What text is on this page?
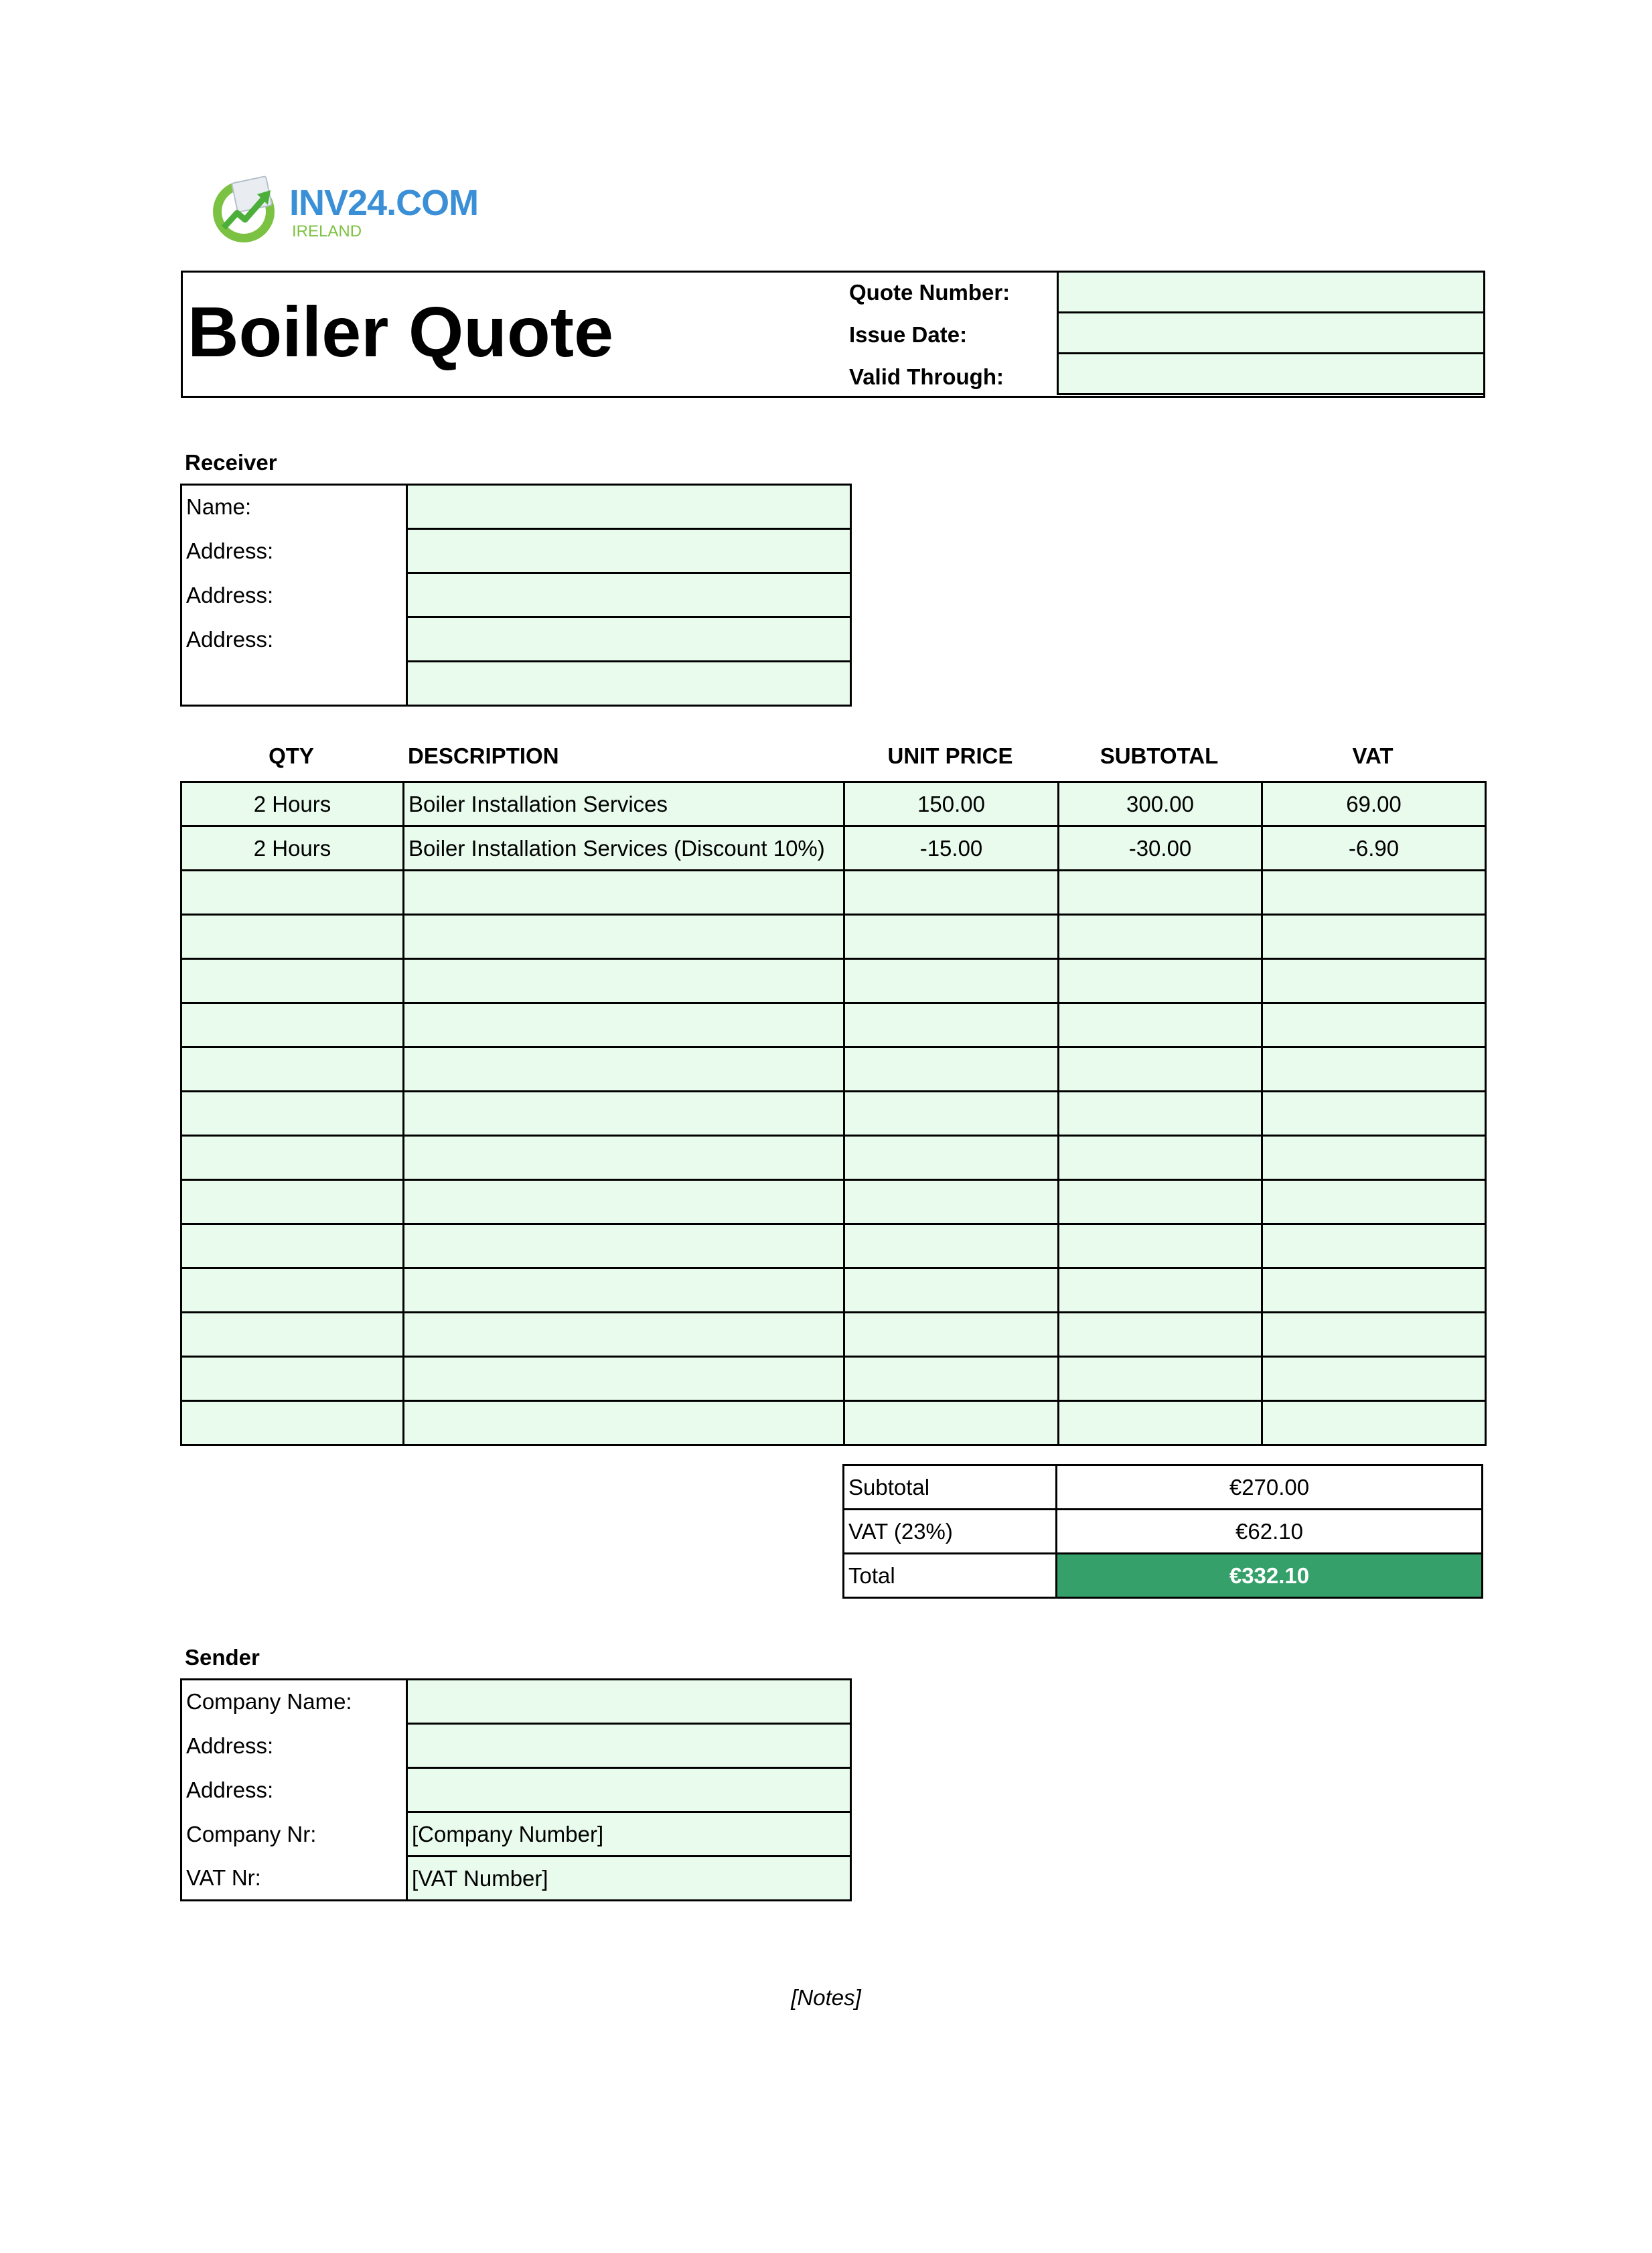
INV24.COM
IRELAND
Boiler Quote
Quote Number:
Issue Date:
Valid Through:

Receiver
Name:	
Address:	
Address:	
Address:	

QTY	DESCRIPTION	UNIT PRICE	SUBTOTAL	VAT
2 Hours	Boiler Installation Services	150.00	300.00	69.00
2 Hours	Boiler Installation Services (Discount 10%)	-15.00	-30.00	-6.90

Subtotal	€270.00
VAT (23%)	€62.10
Total	€332.10
Sender
Company Name:	
Address:	
Address:	
Company Nr:	[Company Number]
VAT Nr:	[VAT Number]
[Notes]
